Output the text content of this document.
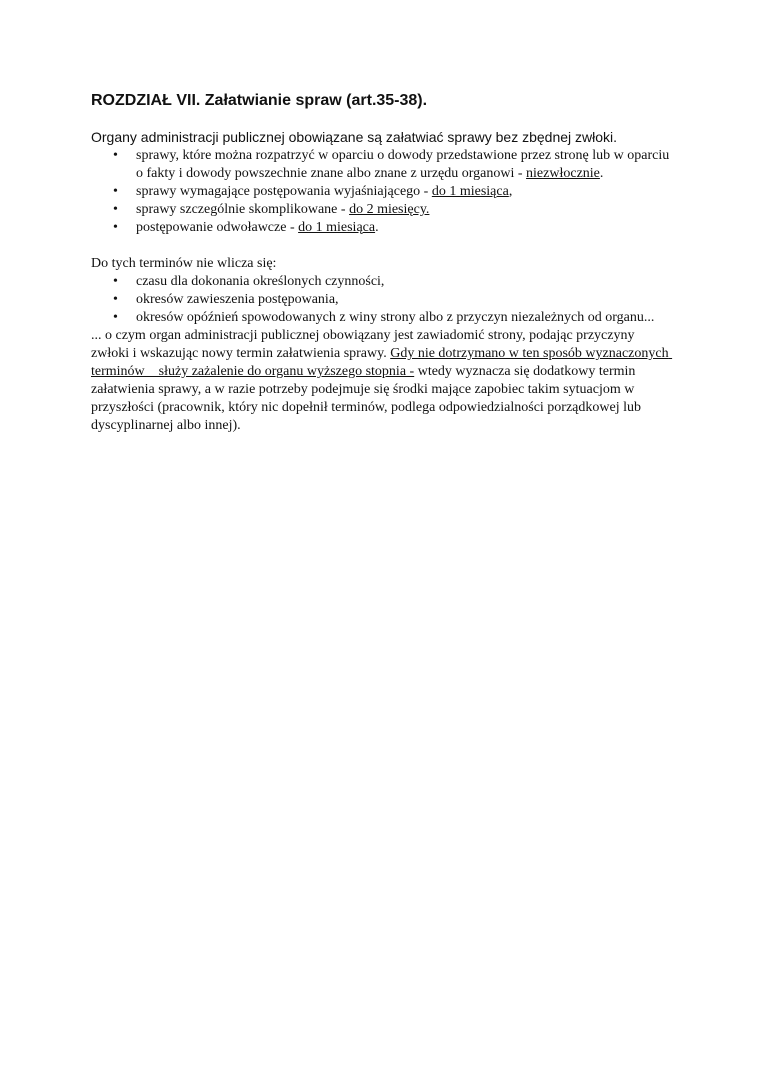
ROZDZIAŁ VII. Załatwianie spraw (art.35-38).

Organy administracji publicznej obowiązane są załatwiać sprawy bez zbędnej zwłoki.

• sprawy, które można rozpatrzyć w oparciu o dowody przedstawione przez stronę lub w oparciu o fakty i dowody powszechnie znane albo znane z urzędu organowi - niezwłocznie.
• sprawy wymagające postępowania wyjaśniającego - do 1 miesiąca,
• sprawy szczególnie skomplikowane - do 2 miesięcy.
• postępowanie odwoławcze - do 1 miesiąca.

Do tych terminów nie wlicza się:

• czasu dla dokonania określonych czynności,
• okresów zawieszenia postępowania,
• okresów opóźnień spowodowanych z winy strony albo z przyczyn niezależnych od organu...

... o czym organ administracji publicznej obowiązany jest zawiadomić strony, podając przyczyny zwłoki i wskazując nowy termin załatwienia sprawy. Gdy nie dotrzymano w ten sposób wyznaczonych terminów    służy zażalenie do organu wyższego stopnia - wtedy wyznacza się dodatkowy termin załatwienia sprawy, a w razie potrzeby podejmuje się środki mające zapobiec takim sytuacjom w przyszłości (pracownik, który nic dopełnił terminów, podlega odpowiedzialności porządkowej lub dyscyplinarnej albo innej).
